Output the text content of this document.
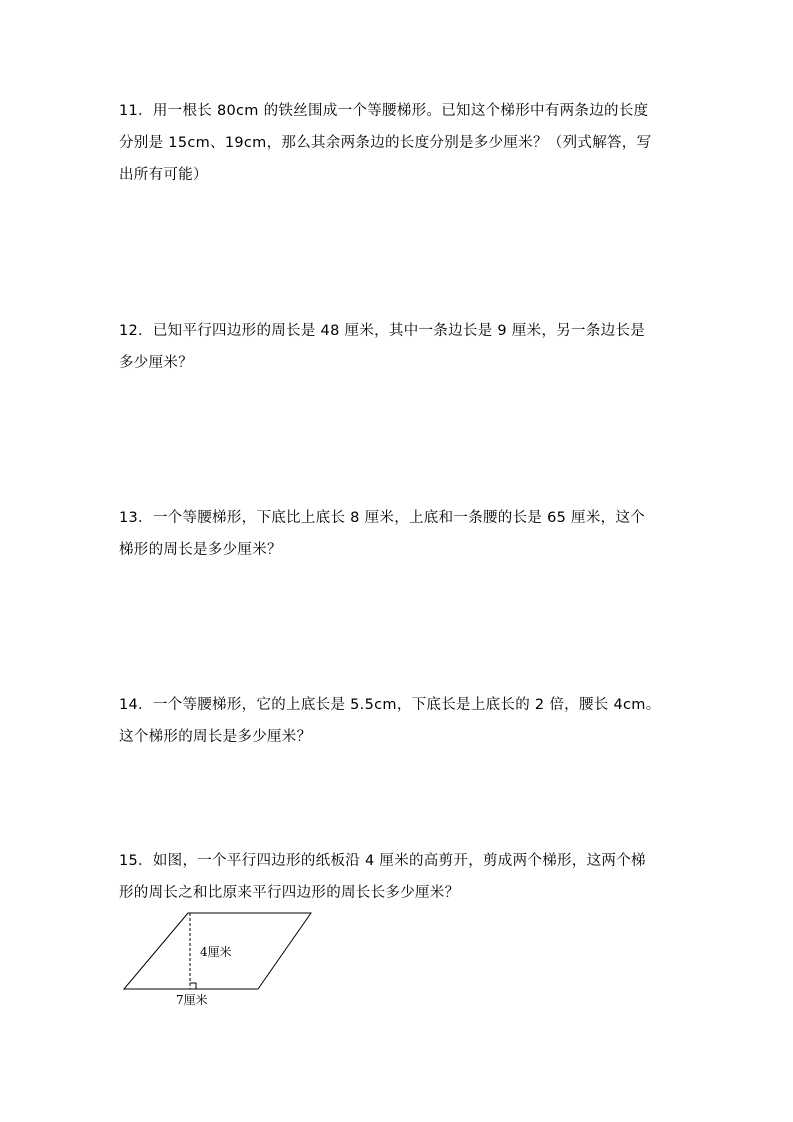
11．用一根长 80cm 的铁丝围成一个等腰梯形。已知这个梯形中有两条边的长度
分别是 15cm、19cm，那么其余两条边的长度分别是多少厘米？（列式解答，写
出所有可能）
12．已知平行四边形的周长是 48 厘米，其中一条边长是 9 厘米，另一条边长是
多少厘米？
13．一个等腰梯形，下底比上底长 8 厘米，上底和一条腰的长是 65 厘米，这个
梯形的周长是多少厘米？
14．一个等腰梯形，它的上底长是 5.5cm，下底长是上底长的 2 倍，腰长 4cm。
这个梯形的周长是多少厘米？
15．如图，一个平行四边形的纸板沿 4 厘米的高剪开，剪成两个梯形，这两个梯
形的周长之和比原来平行四边形的周长长多少厘米？
4厘米
7厘米
